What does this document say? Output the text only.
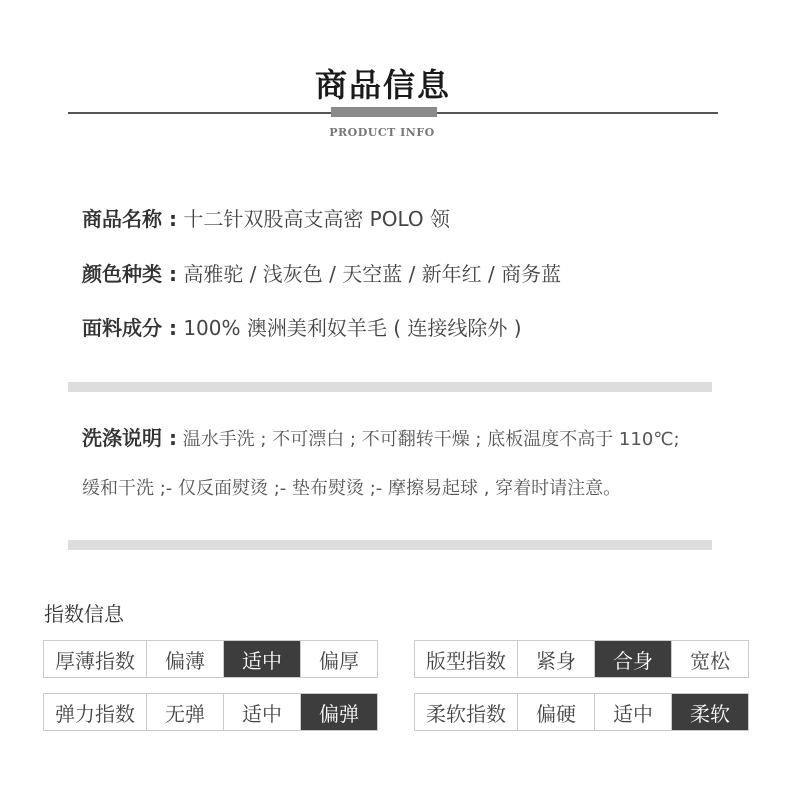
商品信息
PRODUCT INFO
商品名称 : 十二针双股高支高密 POLO 领
颜色种类 : 高雅驼 / 浅灰色 / 天空蓝 / 新年红 / 商务蓝
面料成分 : 100% 澳洲美利奴羊毛 ( 连接线除外 )
洗涤说明 : 温水手洗 ; 不可漂白 ; 不可翻转干燥 ; 底板温度不高于 110℃;
缓和干洗 ;- 仅反面熨烫 ;- 垫布熨烫 ;- 摩擦易起球 , 穿着时请注意。
指数信息
厚薄指数	偏薄	适中	偏厚	版型指数	紧身	合身	宽松
弹力指数	无弹	适中	偏弹	柔软指数	偏硬	适中	柔软
